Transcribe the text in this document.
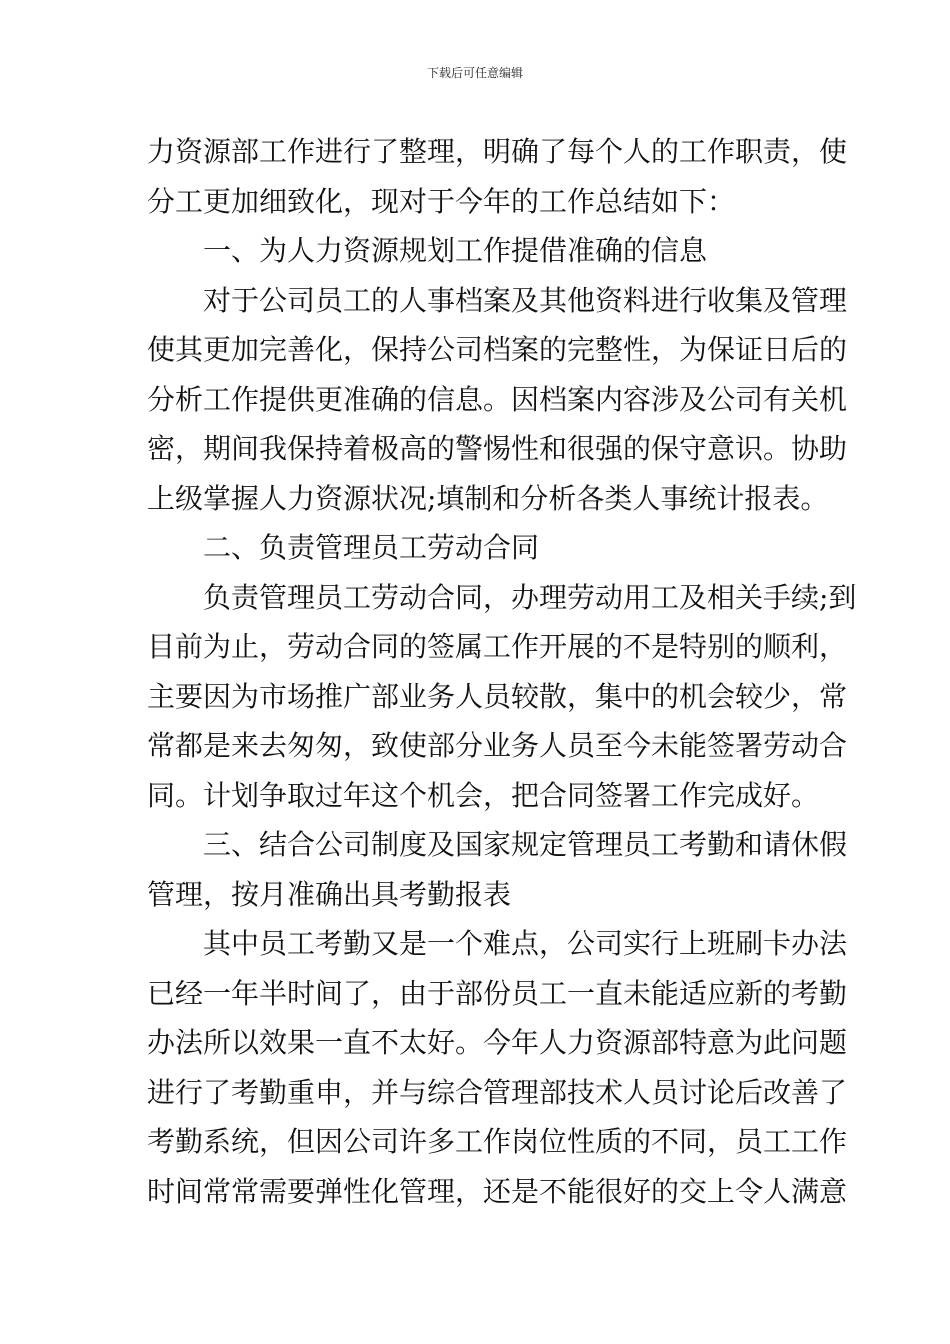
下载后可任意编辑
力资源部工作进行了整理，明确了每个人的工作职责，使
分工更加细致化，现对于今年的工作总结如下：
一、为人力资源规划工作提借准确的信息
对于公司员工的人事档案及其他资料进行收集及管理
使其更加完善化，保持公司档案的完整性，为保证日后的
分析工作提供更准确的信息。因档案内容涉及公司有关机
密，期间我保持着极高的警惕性和很强的保守意识。协助
上级掌握人力资源状况;填制和分析各类人事统计报表。
二、负责管理员工劳动合同
负责管理员工劳动合同，办理劳动用工及相关手续;到
目前为止，劳动合同的签属工作开展的不是特别的顺利，
主要因为市场推广部业务人员较散，集中的机会较少，常
常都是来去匆匆，致使部分业务人员至今未能签署劳动合
同。计划争取过年这个机会，把合同签署工作完成好。
三、结合公司制度及国家规定管理员工考勤和请休假
管理，按月准确出具考勤报表
其中员工考勤又是一个难点，公司实行上班刷卡办法
已经一年半时间了，由于部份员工一直未能适应新的考勤
办法所以效果一直不太好。今年人力资源部特意为此问题
进行了考勤重申，并与综合管理部技术人员讨论后改善了
考勤系统，但因公司许多工作岗位性质的不同，员工工作
时间常常需要弹性化管理，还是不能很好的交上令人满意
